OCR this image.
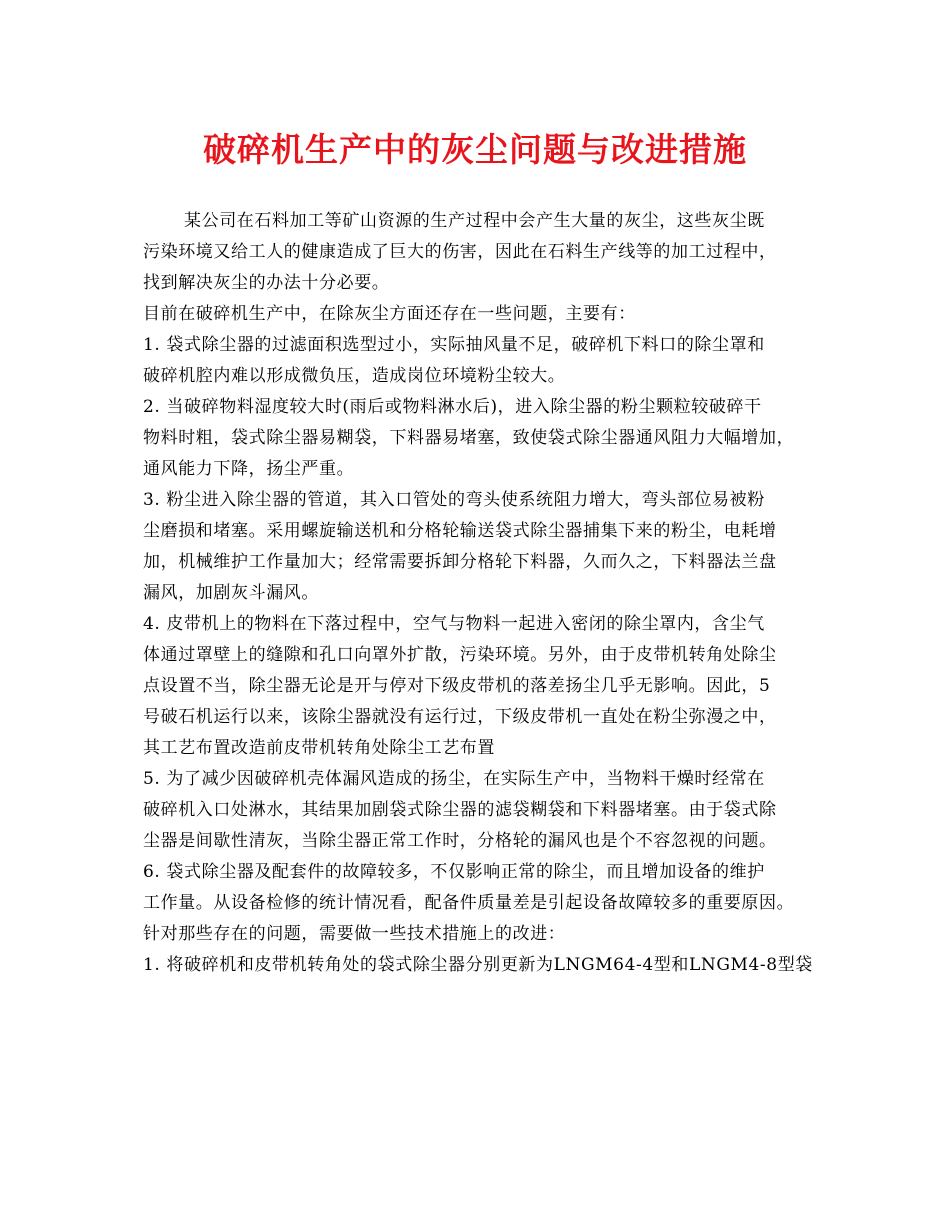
破碎机生产中的灰尘问题与改进措施
某公司在石料加工等矿山资源的生产过程中会产生大量的灰尘，这些灰尘既
污染环境又给工人的健康造成了巨大的伤害，因此在石料生产线等的加工过程中，
找到解决灰尘的办法十分必要。
目前在破碎机生产中，在除灰尘方面还存在一些问题，主要有：
1. 袋式除尘器的过滤面积选型过小，实际抽风量不足，破碎机下料口的除尘罩和
破碎机腔内难以形成微负压，造成岗位环境粉尘较大。
2. 当破碎物料湿度较大时(雨后或物料淋水后)，进入除尘器的粉尘颗粒较破碎干
物料时粗，袋式除尘器易糊袋，下料器易堵塞，致使袋式除尘器通风阻力大幅增加，
通风能力下降，扬尘严重。
3. 粉尘进入除尘器的管道，其入口管处的弯头使系统阻力增大，弯头部位易被粉
尘磨损和堵塞。采用螺旋输送机和分格轮输送袋式除尘器捕集下来的粉尘，电耗增
加，机械维护工作量加大；经常需要拆卸分格轮下料器，久而久之，下料器法兰盘
漏风，加剧灰斗漏风。
4. 皮带机上的物料在下落过程中，空气与物料一起进入密闭的除尘罩内，含尘气
体通过罩壁上的缝隙和孔口向罩外扩散，污染环境。另外，由于皮带机转角处除尘
点设置不当，除尘器无论是开与停对下级皮带机的落差扬尘几乎无影响。因此，5
号破石机运行以来，该除尘器就没有运行过，下级皮带机一直处在粉尘弥漫之中，
其工艺布置改造前皮带机转角处除尘工艺布置
5. 为了减少因破碎机壳体漏风造成的扬尘，在实际生产中，当物料干燥时经常在
破碎机入口处淋水，其结果加剧袋式除尘器的滤袋糊袋和下料器堵塞。由于袋式除
尘器是间歇性清灰，当除尘器正常工作时，分格轮的漏风也是个不容忽视的问题。
6. 袋式除尘器及配套件的故障较多，不仅影响正常的除尘，而且增加设备的维护
工作量。从设备检修的统计情况看，配备件质量差是引起设备故障较多的重要原因。
针对那些存在的问题，需要做一些技术措施上的改进：
1. 将破碎机和皮带机转角处的袋式除尘器分别更新为LNGM64-4型和LNGM4-8型袋
